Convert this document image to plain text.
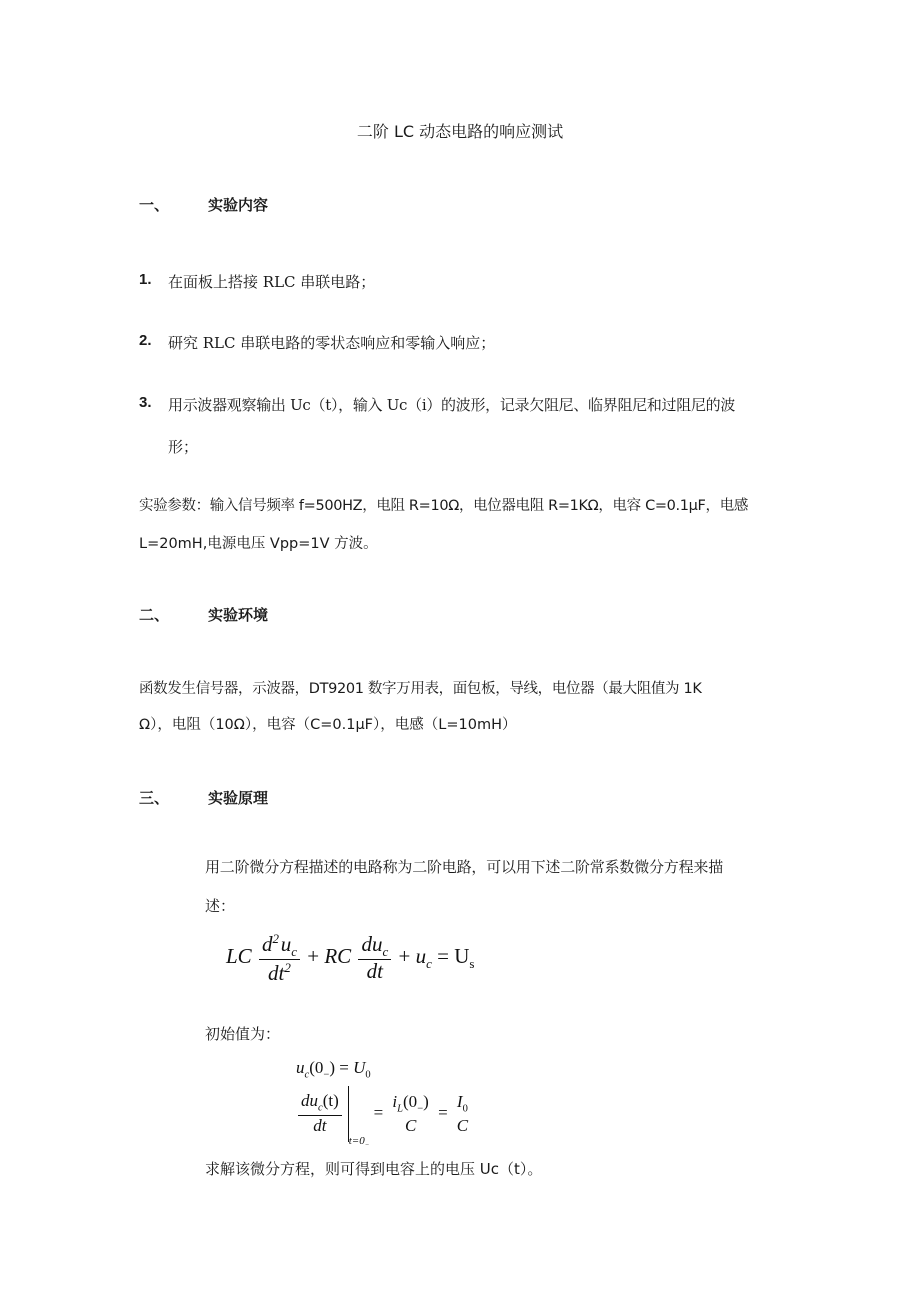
二阶 LC 动态电路的响应测试
一、	实验内容
1. 在面板上搭接 RLC 串联电路；
2. 研究 RLC 串联电路的零状态响应和零输入响应；
3. 用示波器观察输出 Uc（t），输入 Uc（i）的波形，记录欠阻尼、临界阻尼和过阻尼的波
形；
实验参数：输入信号频率 f=500HZ，电阻 R=10Ω，电位器电阻 R=1KΩ，电容 C=0.1μF，电感
L=20mH,电源电压 Vpp=1V 方波。
二、	实验环境
函数发生信号器，示波器，DT9201 数字万用表，面包板，导线，电位器（最大阻值为 1K
Ω），电阻（10Ω），电容（C=0.1μF），电感（L=10mH）
三、	实验原理
用二阶微分方程描述的电路称为二阶电路，可以用下述二阶常系数微分方程来描
述：
LC $\frac{d^2 u_c}{dt^2}$ + RC $\frac{du_c}{dt} + u_c = U_s$
初始值为：
$u_c(0_-) = U_0$
$\frac{du_c(t)}{dt}$
$_{t=0_-}$ =
$i_L(0_-)$
C
=
$I_0$
C
求解该微分方程，则可得到电容上的电压 Uc（t）。
